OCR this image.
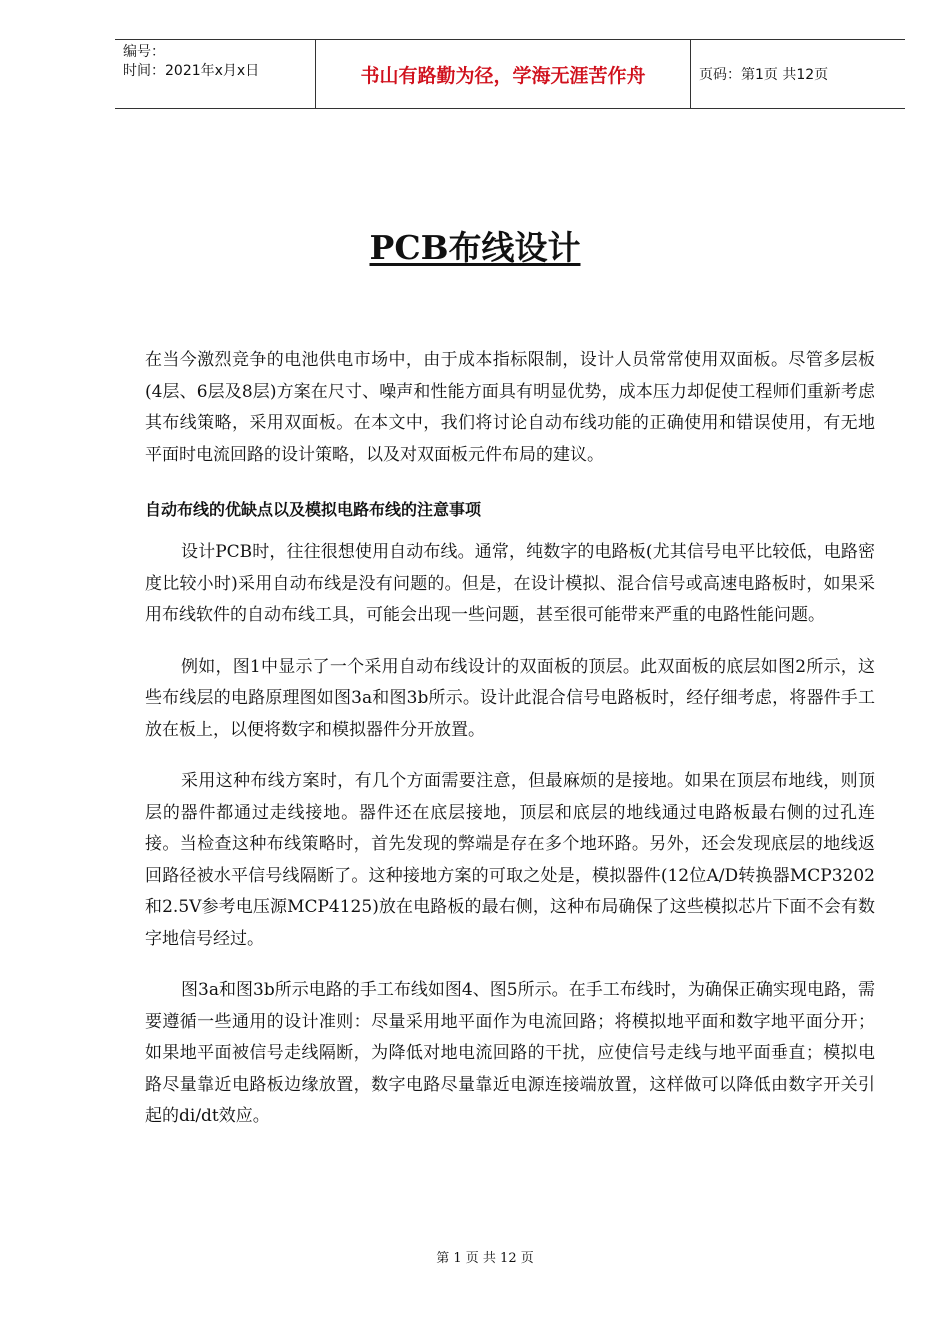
编号：
时间：2021年x月x日	书山有路勤为径，学海无涯苦作舟	页码：第1页 共12页
PCB布线设计

在当今激烈竞争的电池供电市场中，由于成本指标限制，设计人员常常使用双面板。尽管多层板(4层、6层及8层)方案在尺寸、噪声和性能方面具有明显优势，成本压力却促使工程师们重新考虑其布线策略，采用双面板。在本文中，我们将讨论自动布线功能的正确使用和错误使用，有无地平面时电流回路的设计策略，以及对双面板元件布局的建议。

自动布线的优缺点以及模拟电路布线的注意事项

设计PCB时，往往很想使用自动布线。通常，纯数字的电路板(尤其信号电平比较低，电路密度比较小时)采用自动布线是没有问题的。但是，在设计模拟、混合信号或高速电路板时，如果采用布线软件的自动布线工具，可能会出现一些问题，甚至很可能带来严重的电路性能问题。

例如，图1中显示了一个采用自动布线设计的双面板的顶层。此双面板的底层如图2所示，这些布线层的电路原理图如图3a和图3b所示。设计此混合信号电路板时，经仔细考虑，将器件手工放在板上，以便将数字和模拟器件分开放置。

采用这种布线方案时，有几个方面需要注意，但最麻烦的是接地。如果在顶层布地线，则顶层的器件都通过走线接地。器件还在底层接地，顶层和底层的地线通过电路板最右侧的过孔连接。当检查这种布线策略时，首先发现的弊端是存在多个地环路。另外，还会发现底层的地线返回路径被水平信号线隔断了。这种接地方案的可取之处是，模拟器件(12位A/D转换器MCP3202和2.5V参考电压源MCP4125)放在电路板的最右侧，这种布局确保了这些模拟芯片下面不会有数字地信号经过。

图3a和图3b所示电路的手工布线如图4、图5所示。在手工布线时，为确保正确实现电路，需要遵循一些通用的设计准则：尽量采用地平面作为电流回路；将模拟地平面和数字地平面分开；如果地平面被信号走线隔断，为降低对地电流回路的干扰，应使信号走线与地平面垂直；模拟电路尽量靠近电路板边缘放置，数字电路尽量靠近电源连接端放置，这样做可以降低由数字开关引起的di/dt效应。

第 1 页 共 12 页
